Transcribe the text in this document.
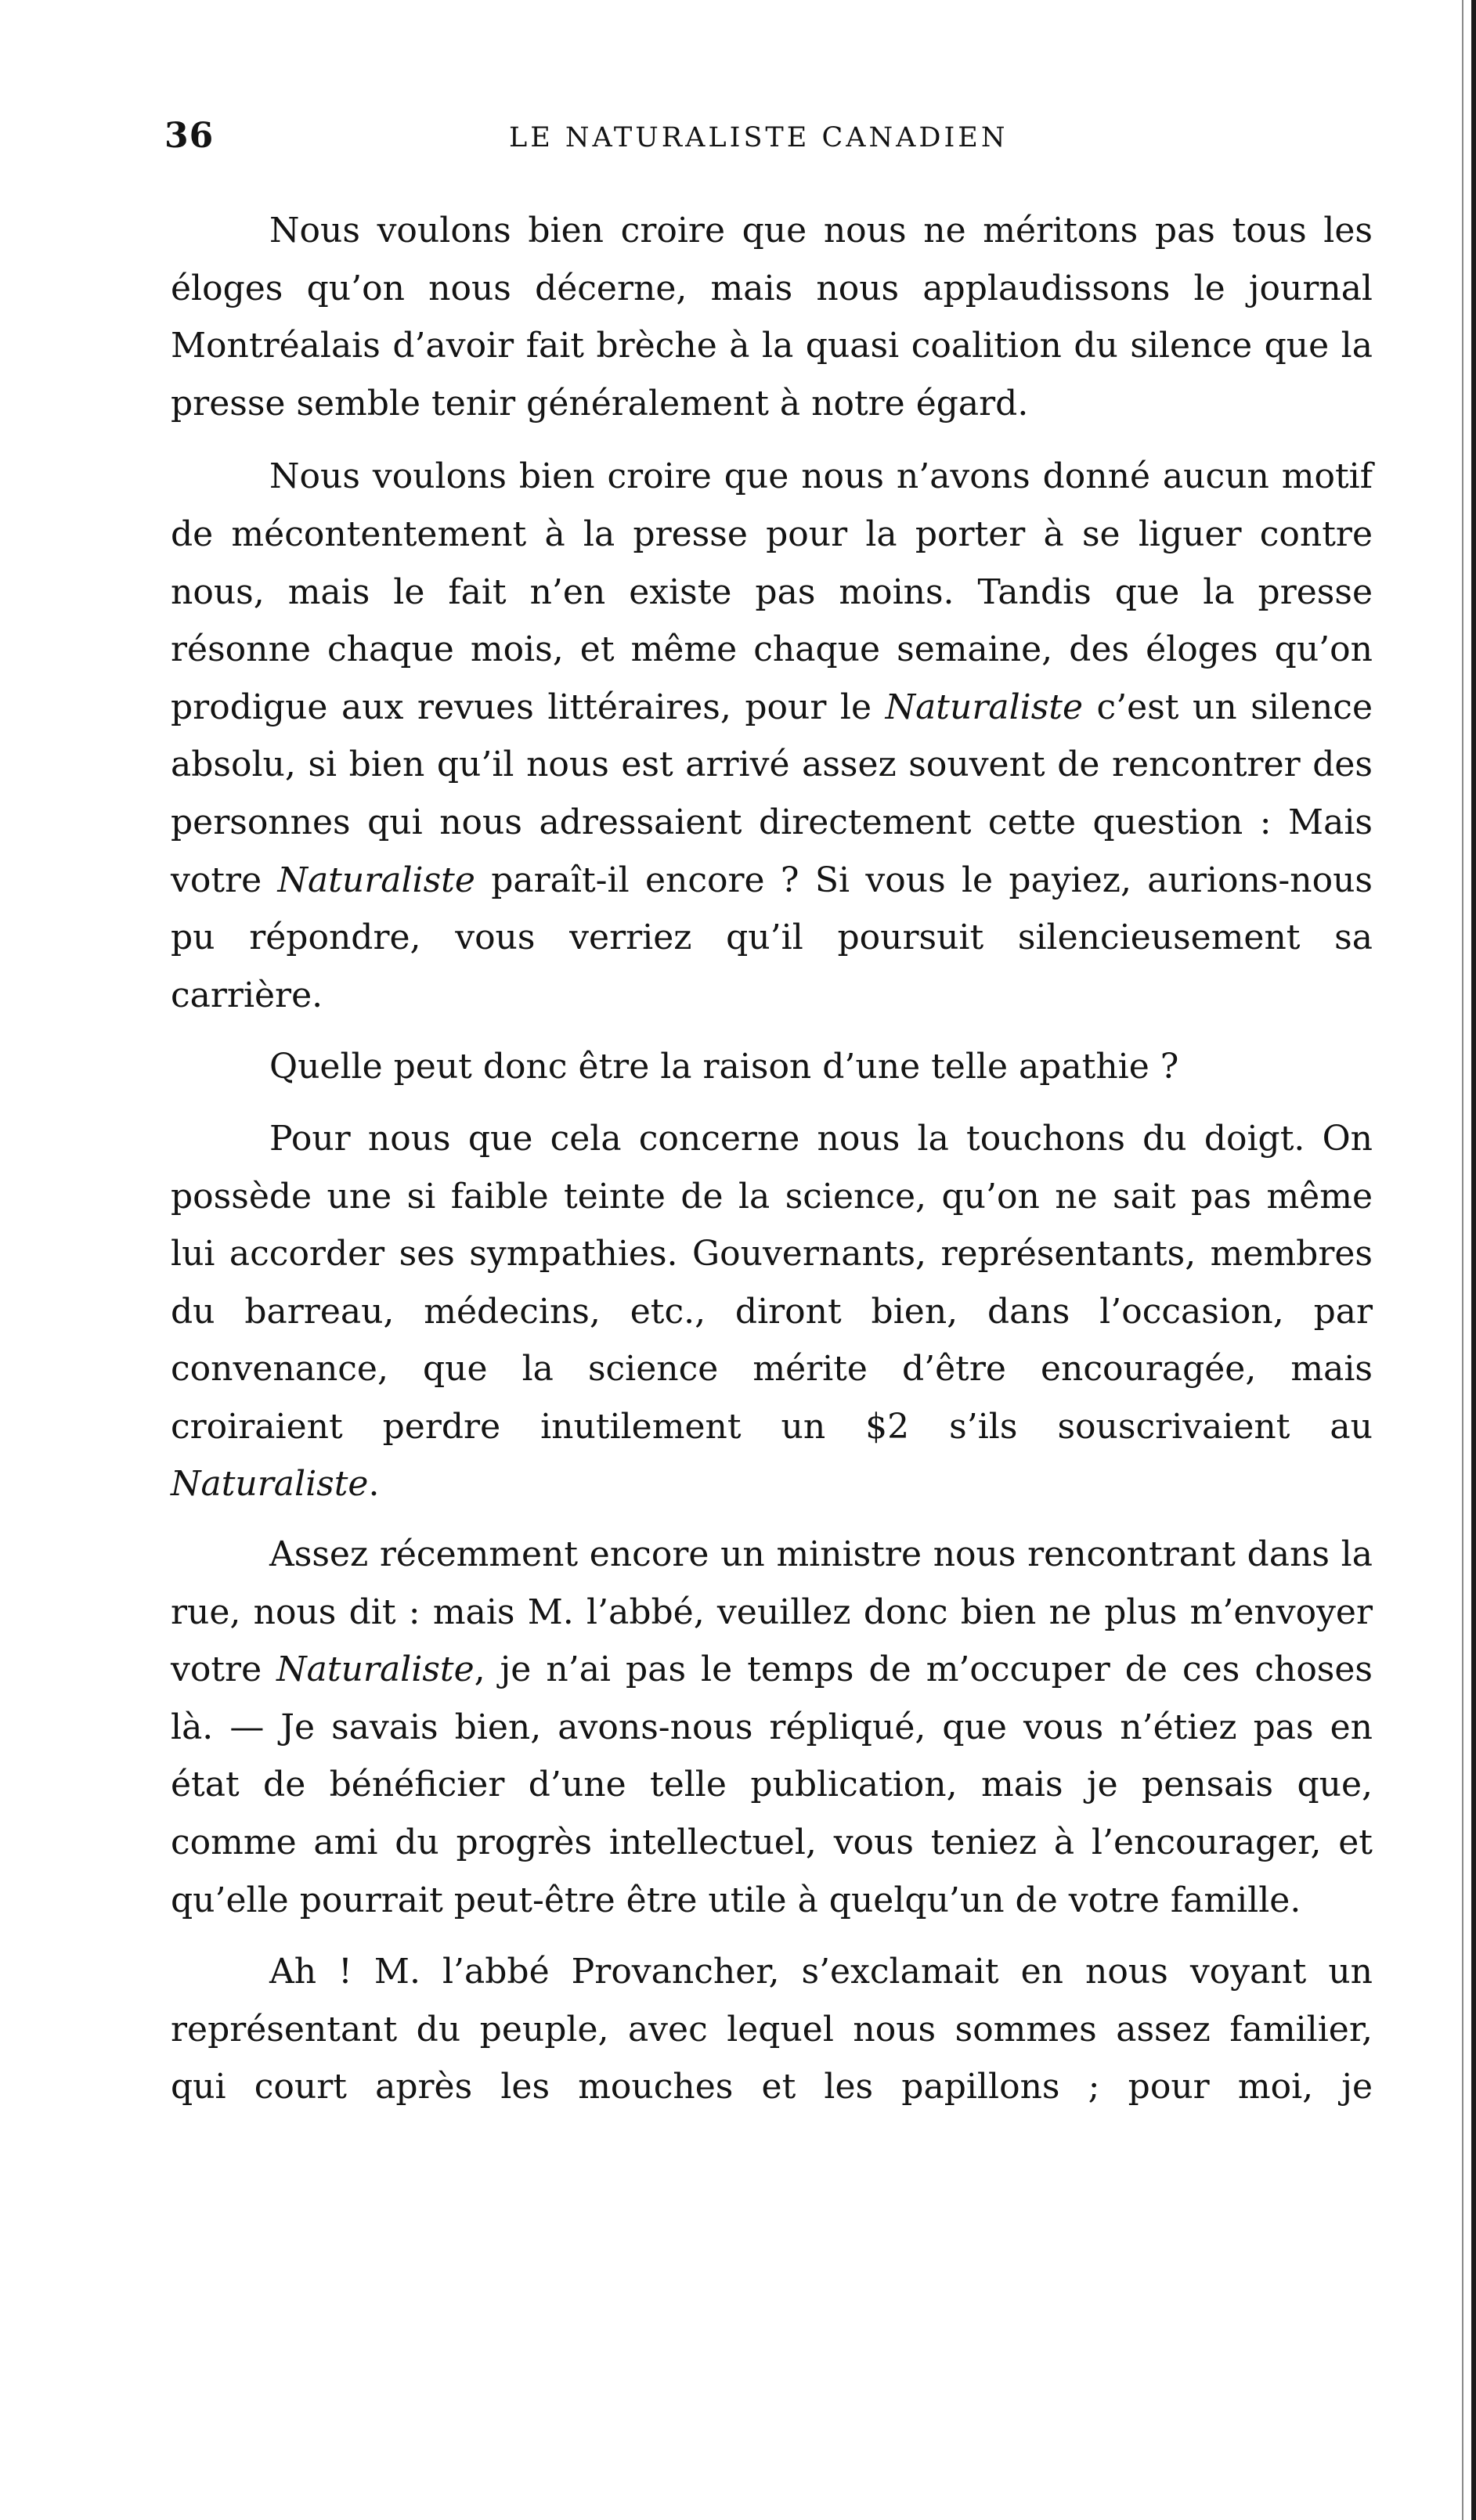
36	LE NATURALISTE CANADIEN

Nous voulons bien croire que nous ne méritons pas tous les éloges qu’on nous décerne, mais nous applaudissons le journal Montréalais d’avoir fait brèche à la quasi coalition du silence que la presse semble tenir généralement à notre égard.

Nous voulons bien croire que nous n’avons donné aucun motif de mécontentement à la presse pour la porter à se liguer contre nous, mais le fait n’en existe pas moins. Tandis que la presse résonne chaque mois, et même chaque semaine, des éloges qu’on prodigue aux revues littéraires, pour le Naturaliste c’est un silence absolu, si bien qu’il nous est arrivé assez souvent de rencontrer des personnes qui nous adressaient directement cette question : Mais votre Naturaliste paraît-il encore ? Si vous le payiez, aurions-nous pu répondre, vous verriez qu’il poursuit silencieusement sa carrière.

Quelle peut donc être la raison d’une telle apathie ?

Pour nous que cela concerne nous la touchons du doigt. On possède une si faible teinte de la science, qu’on ne sait pas même lui accorder ses sympathies. Gouvernants, représentants, membres du barreau, médecins, etc., diront bien, dans l’occasion, par convenance, que la science mérite d’être encouragée, mais croiraient perdre inutilement un $2 s’ils souscrivaient au Naturaliste.

Assez récemment encore un ministre nous rencontrant dans la rue, nous dit : mais M. l’abbé, veuillez donc bien ne plus m’envoyer votre Naturaliste, je n’ai pas le temps de m’occuper de ces choses là. — Je savais bien, avons-nous répliqué, que vous n’étiez pas en état de bénéficier d’une telle publication, mais je pensais que, comme ami du progrès intellectuel, vous teniez à l’encourager, et qu’elle pourrait peut-être être utile à quelqu’un de votre famille.

Ah ! M. l’abbé Provancher, s’exclamait en nous voyant un représentant du peuple, avec lequel nous sommes assez familier, qui court après les mouches et les papillons ; pour moi, je
